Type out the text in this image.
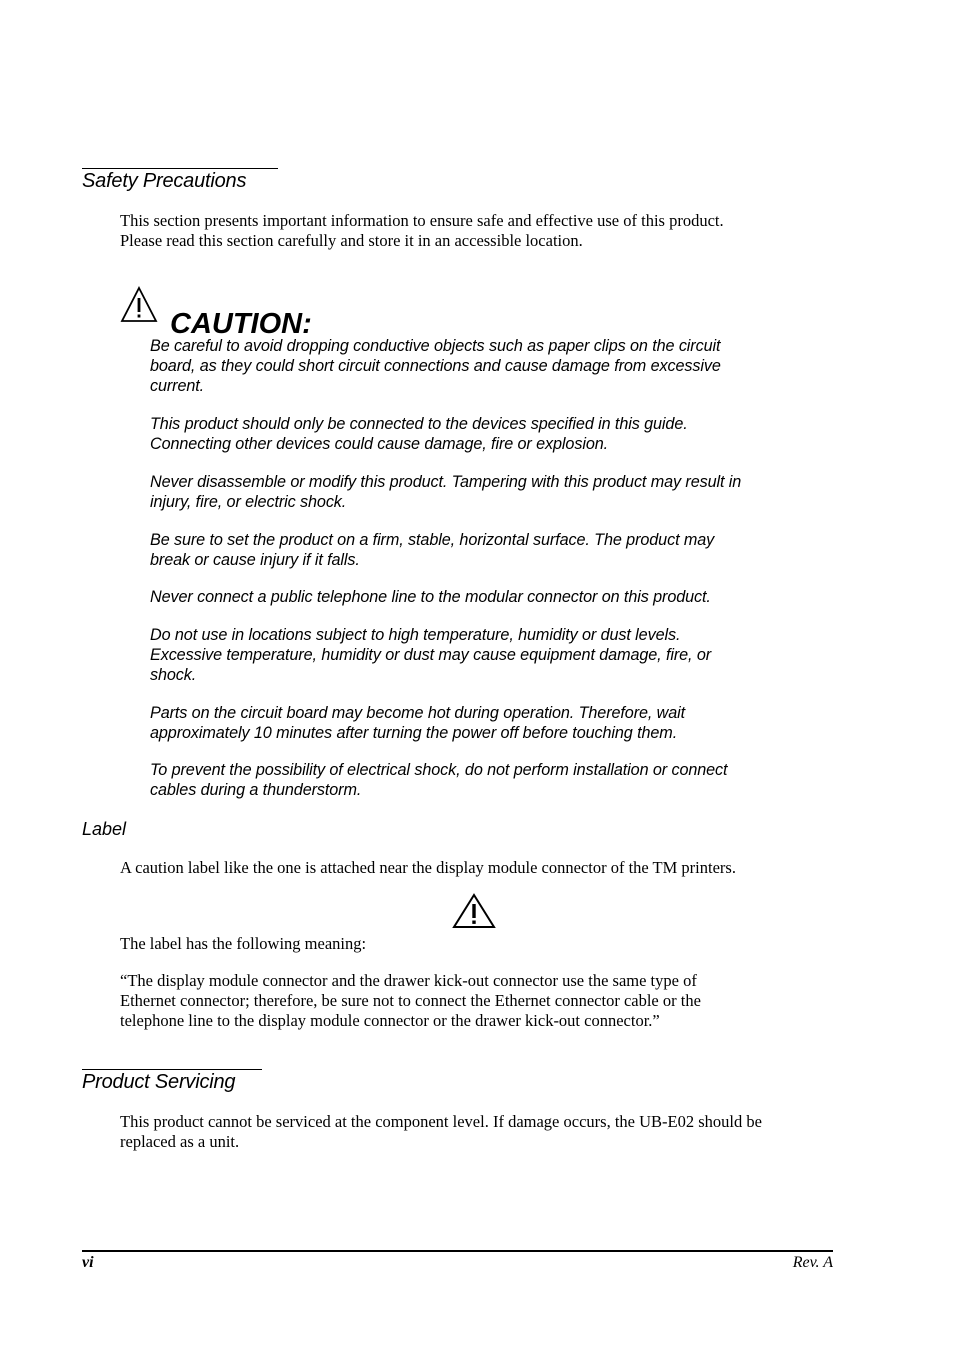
Safety Precautions
This section presents important information to ensure safe and effective use of this product.
Please read this section carefully and store it in an accessible location.
CAUTION:
Be careful to avoid dropping conductive objects such as paper clips on the circuit
board, as they could short circuit connections and cause damage from excessive
current.
This product should only be connected to the devices specified in this guide.
Connecting other devices could cause damage, fire or explosion.
Never disassemble or modify this product. Tampering with this product may result in
injury, fire, or electric shock.
Be sure to set the product on a firm, stable, horizontal surface. The product may
break or cause injury if it falls.
Never connect a public telephone line to the modular connector on this product.
Do not use in locations subject to high temperature, humidity or dust levels.
Excessive temperature, humidity or dust may cause equipment damage, fire, or
shock.
Parts on the circuit board may become hot during operation. Therefore, wait
approximately 10 minutes after turning the power off before touching them.
To prevent the possibility of electrical shock, do not perform installation or connect
cables during a thunderstorm.
Label
A caution label like the one is attached near the display module connector of the TM printers.
The label has the following meaning:
“The display module connector and the drawer kick-out connector use the same type of
Ethernet connector; therefore, be sure not to connect the Ethernet connector cable or the
telephone line to the display module connector or the drawer kick-out connector.”
Product Servicing
This product cannot be serviced at the component level. If damage occurs, the UB-E02 should be
replaced as a unit.
vi	Rev. A
